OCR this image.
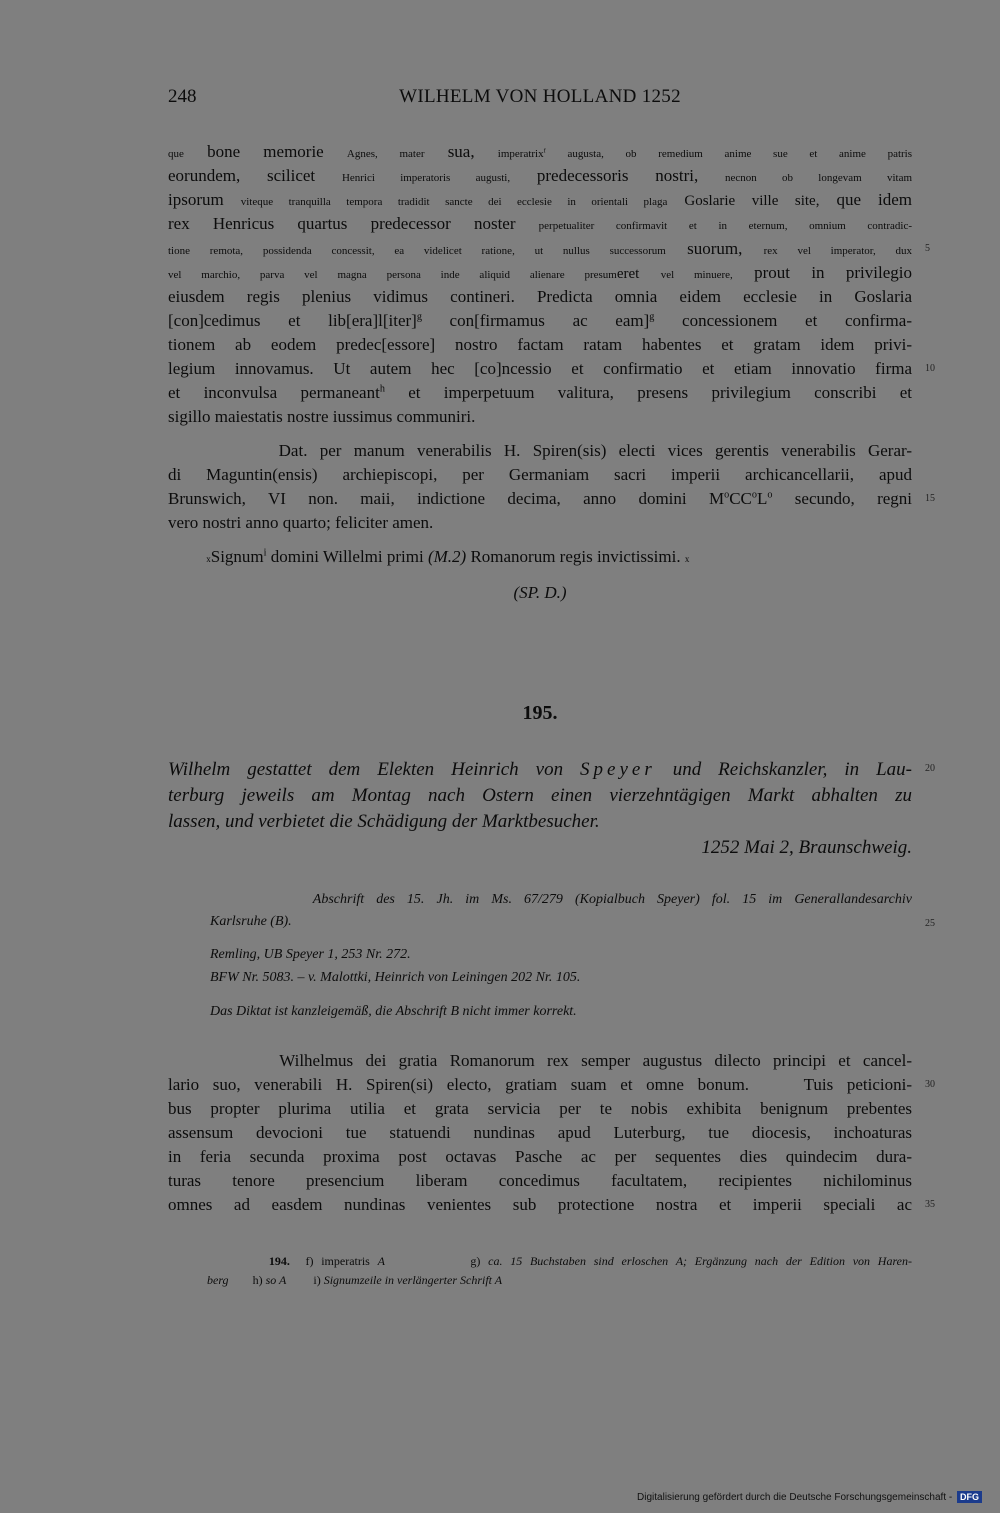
248	WILHELM VON HOLLAND 1252
que bone memorie Agnes, mater sua, imperatrix$^f$ augusta, ob remedium anime sue et anime patris
eorundem, scilicet Henrici imperatoris augusti, predecessoris nostri, necnon ob longevam vitam
ipsorum viteque tranquilla tempora tradidit sancte dei ecclesie in orientali plaga Goslarie ville site, que idem
rex Henricus quartus predecessor noster perpetualiter confirmavit et in eternum, omnium contradic-
tione remota, possidenda concessit, ea videlicet ratione, ut nullus successorum suorum, rex vel imperator, dux 5
vel marchio, parva vel magna persona inde aliquid alienare presumeret vel minuere, prout in privilegio
eiusdem regis plenius vidimus contineri. Predicta omnia eidem ecclesie in Goslaria
[con]cedimus et lib[era]l[iter]$^g$ con[firmamus ac eam]$^g$ concessionem et confirma-
tionem ab eodem predec[essore] nostro factam ratam habentes et gratam idem privi-
legium innovamus. Ut autem hec [co]ncessio et confirmatio et etiam innovatio firma 10
et inconvulsa permaneant$^h$ et imperpetuum valitura, presens privilegium conscribi et
sigillo maiestatis nostre iussimus communiri.
Dat. per manum venerabilis H. Spiren(sis) electi vices gerentis venerabilis Gerar-
di Maguntin(ensis) archiepiscopi, per Germaniam sacri imperii archicancellarii, apud
Brunswich, VI non. maii, indictione decima, anno domini $M^oCC^oL^o$ secundo, regni 15
vero nostri anno quarto; feliciter amen.
xSignum$^i$ domini Willelmi primi (M.2) Romanorum regis invictissimi. x
(SP. D.)
Wilhelm gestattet dem Elekten Heinrich von Speyer und Reichskanzler, in Lau- 20
terburg jeweils am Montag nach Ostern einen vierzehntägigen Markt abhalten zu
lassen, und verbietet die Schädigung der Marktbesucher.
1252 Mai 2, Braunschweig.
Abschrift des 15. Jh. im Ms. 67/279 (Kopialbuch Speyer) fol. 15 im Generallandesarchiv
Karlsruhe (B).	25
Remling, UB Speyer 1, 253 Nr. 272.
BFW Nr. 5083. – v. Malottki, Heinrich von Leiningen 202 Nr. 105.
Das Diktat ist kanzleigemäß, die Abschrift B nicht immer korrekt.
Wilhelmus dei gratia Romanorum rex semper augustus dilecto principi et cancel-
lario suo, venerabili H. Spiren(si) electo, gratiam suam et omne bonum.    Tuis peticioni- 30
bus propter plurima utilia et grata servicia per te nobis exhibita benignum prebentes
assensum devocioni tue statuendi nundinas apud Luterburg, tue diocesis, inchoaturas
in feria secunda proxima post octavas Pasche ac per sequentes dies quindecim dura-
turas tenore presencium liberam concedimus facultatem, recipientes nichilominus
omnes ad easdem nundinas venientes sub protectione nostra et imperii speciali ac 35
194.  f) imperatris A           g) ca. 15 Buchstaben sind erloschen A; Ergänzung nach der Edition von Haren-
berg        h) so A         i) Signumzeile in verlängerter Schrift A
195.
Digitalisierung gefördert durch die Deutsche Forschungsgemeinschaft - DFG
